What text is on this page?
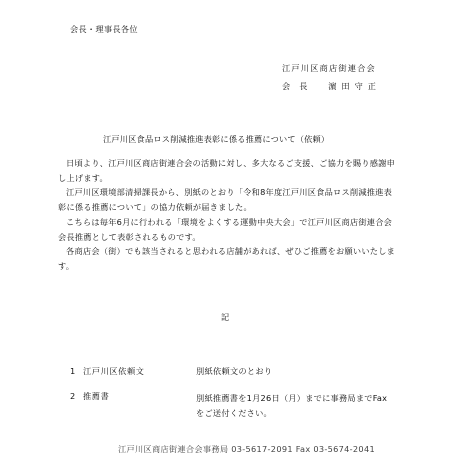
会長・理事長各位
江戸川区商店街連合会
会長 濵田守正
江戸川区食品ロス削減推進表彰に係る推薦について（依頼）

日頃より、江戸川区商店街連合会の活動に対し、多大なるご支援、ご協力を賜り感謝申し上げます。

江戸川区環境部清掃課長から、別紙のとおり「令和8年度江戸川区食品ロス削減推進表彰に係る推薦について」の協力依頼が届きました。

こちらは毎年6月に行われる「環境をよくする運動中央大会」で江戸川区商店街連合会会長推薦として表彰されるものです。

各商店会（街）でも該当されると思われる店舗があれば、ぜひご推薦をお願いいたします。

記
1 江戸川区依頼文	別紙依頼文のとおり
2 推薦書	別紙推薦書を1月26日（月）までに事務局までFaxをご送付ください。
江戸川区商店街連合会事務局 03-5617-2091 Fax 03-5674-2041
